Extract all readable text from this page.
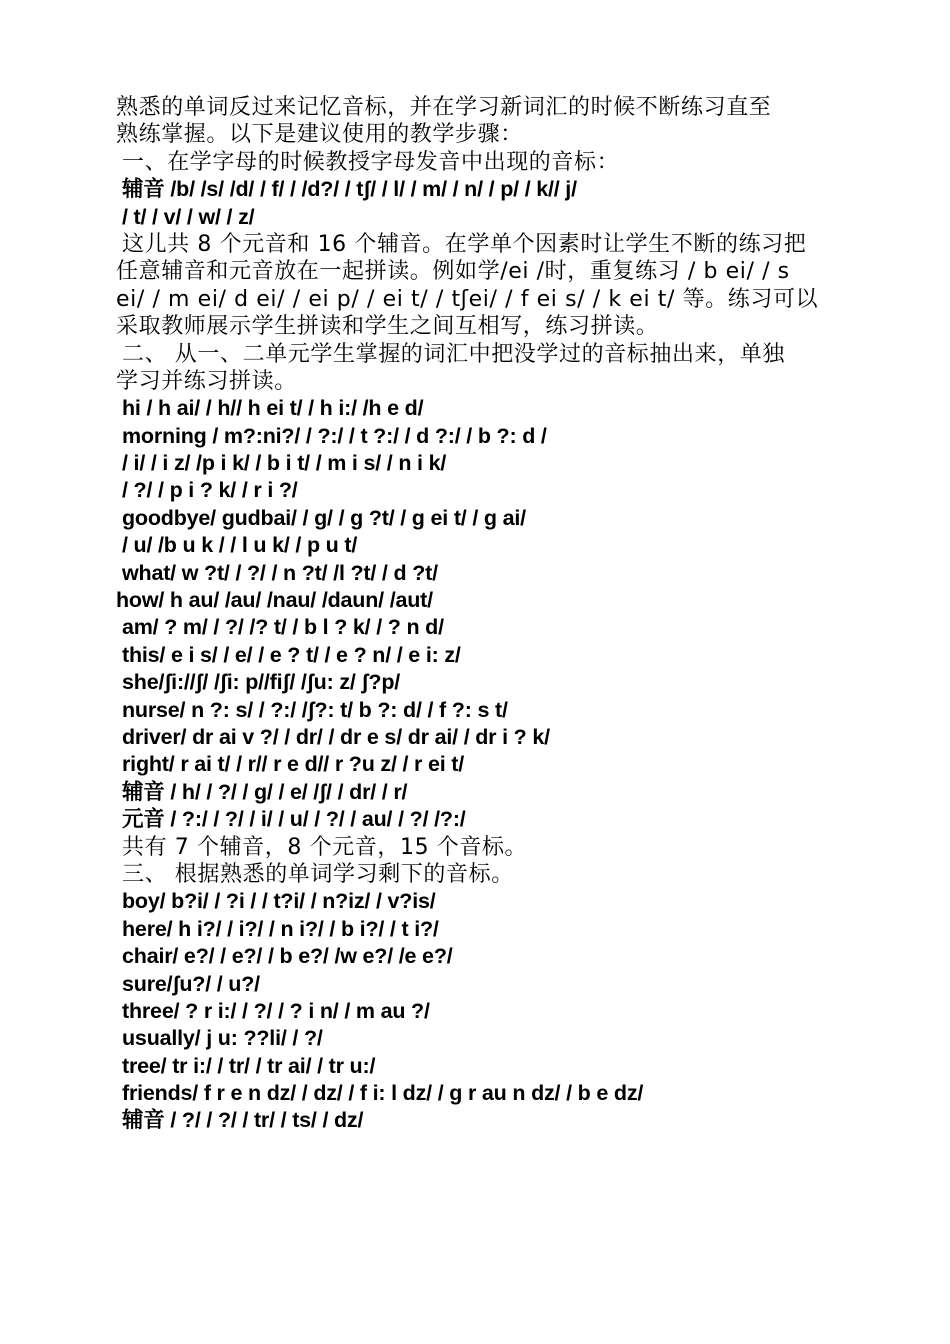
熟悉的单词反过来记忆音标，并在学习新词汇的时候不断练习直至
熟练掌握。以下是建议使用的教学步骤：
一、在学字母的时候教授字母发音中出现的音标：
辅音 /b/ /s/ /d/ / f/ / /d?/ / tʃ/ / l/ / m/ / n/ / p/ / k// j/
/ t/ / v/ / w/ / z/
这儿共 8 个元音和 16 个辅音。在学单个因素时让学生不断的练习把
任意辅音和元音放在一起拼读。例如学/ei /时，重复练习 / b ei/ / s
ei/ / m ei/ d ei/ / ei p/ / ei t/ / tʃei/ / f ei s/ / k ei t/ 等。练习可以
采取教师展示学生拼读和学生之间互相写，练习拼读。
二、 从一、二单元学生掌握的词汇中把没学过的音标抽出来，单独
学习并练习拼读。
hi / h ai/ / h// h ei t/ / h i:/ /h e d/
morning / m?:ni?/ / ?:/ / t ?:/ / d ?:/ / b ?: d /
/ i/ / i z/ /p i k/ / b i t/ / m i s/ / n i k/
/ ?/ / p i ? k/ / r i ?/
goodbye/ gudbai/ / g/ / g ?t/ / g ei t/ / g ai/
/ u/ /b u k / / l u k/ / p u t/
what/ w ?t/ / ?/ / n ?t/ /l ?t/ / d ?t/
how/ h au/ /au/ /nau/ /daun/ /aut/
am/ ? m/ / ?/ /? t/ / b l ? k/ / ? n d/
this/ e i s/ / e/ / e ? t/ / e ? n/ / e i: z/
she/ʃi://ʃ/ /ʃi: p//fiʃ/ /ʃu: z/ ʃ?p/
nurse/ n ?: s/ / ?:/ /ʃ?: t/ b ?: d/ / f ?: s t/
driver/ dr ai v ?/ / dr/ / dr e s/ dr ai/ / dr i ? k/
right/ r ai t/ / r// r e d// r ?u z/ / r ei t/
辅音 / h/ / ?/ / g/ / e/ /ʃ/ / dr/ / r/
元音 / ?:/ / ?/ / i/ / u/ / ?/ / au/ / ?/ /?:/
共有 7 个辅音，8 个元音，15 个音标。
三、 根据熟悉的单词学习剩下的音标。
boy/ b?i/ / ?i / / t?i/ / n?iz/ / v?is/
here/ h i?/ / i?/ / n i?/ / b i?/ / t i?/
chair/ e?/ / e?/ / b e?/ /w e?/ /e e?/
sure/ʃu?/ / u?/
three/ ? r i:/ / ?/ / ? i n/ / m au ?/
usually/ j u: ??li/ / ?/
tree/ tr i:/ / tr/ / tr ai/ / tr u:/
friends/ f r e n dz/ / dz/ / f i: l dz/ / g r au n dz/ / b e dz/
辅音 / ?/ / ?/ / tr/ / ts/ / dz/
